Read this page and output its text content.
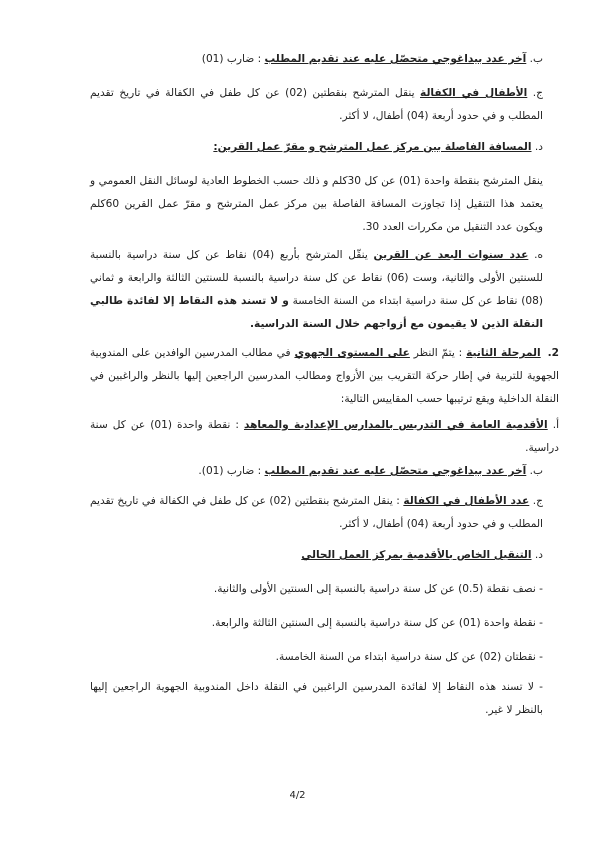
ب. آخر عدد بيداغوجي متحصّل عليه عند تقديم المطلب : ضارب (01)
ج. الأطفال في الكفالة ينقل المترشح بنقطتين (02) عن كل طفل في الكفالة في تاريخ تقديم المطلب و في حدود أربعة (04) أطفال، لا أكثر.
د. المسافة الفاصلة بين مركز عمل المترشح و مقرّ عمل القرين:
ينقل المترشح بنقطة واحدة (01) عن كل 30كلم و ذلك حسب الخطوط العادية لوسائل النقل العمومي و يعتمد هذا التنقيل إذا تجاوزت المسافة الفاصلة بين مركز عمل المترشح و مقرّ عمل القرين 60كلم ويكون عدد التنقيل من مكررات العدد 30.
ه. عدد سنوات البعد عن القرين ينقّل المترشح بأربع (04) نقاط عن كل سنة دراسية بالنسبة للسنتين الأولى والثانية، وست (06) نقاط عن كل سنة دراسية بالنسبة للسنتين الثالثة والرابعة و ثماني (08) نقاط عن كل سنة دراسية ابتداء من السنة الخامسة و لا تسند هذه النقاط إلا لفائدة طالبي النقلة الذين لا يقيمون مع أزواجهم خلال السنة الدراسية.
2. المرحلة الثانية : يتمّ النظر على المستوى الجهوي في مطالب المدرسين الوافدين على المندوبية الجهوية للتربية في إطار حركة التقريب بين الأزواج ومطالب المدرسين الراجعين إليها بالنظر والراغبين في النقلة الداخلية ويقع ترتيبها حسب المقاييس التالية:
أ. الأقدمية العامة في التدريس بالمدارس الإعدادية والمعاهد : نقطة واحدة (01) عن كل سنة دراسية.
ب. آخر عدد بيداغوجي متحصّل عليه عند تقديم المطلب : ضارب (01).
ج. عدد الأطفال في الكفالة : ينقل المترشح بنقطتين (02) عن كل طفل في الكفالة في تاريخ تقديم المطلب و في حدود أربعة (04) أطفال، لا أكثر.
د. التنقيل الخاص بالأقدمية بمركز العمل الحالي
- نصف نقطة (0.5) عن كل سنة دراسية بالنسبة إلى السنتين الأولى والثانية.
- نقطة واحدة (01) عن كل سنة دراسية بالنسبة إلى السنتين الثالثة والرابعة.
- نقطتان (02) عن كل سنة دراسية ابتداء من السنة الخامسة.
- لا تسند هذه النقاط إلا لفائدة المدرسين الراغبين في النقلة داخل المندوبية الجهوية الراجعين إليها بالنظر لا غير.
4/2
